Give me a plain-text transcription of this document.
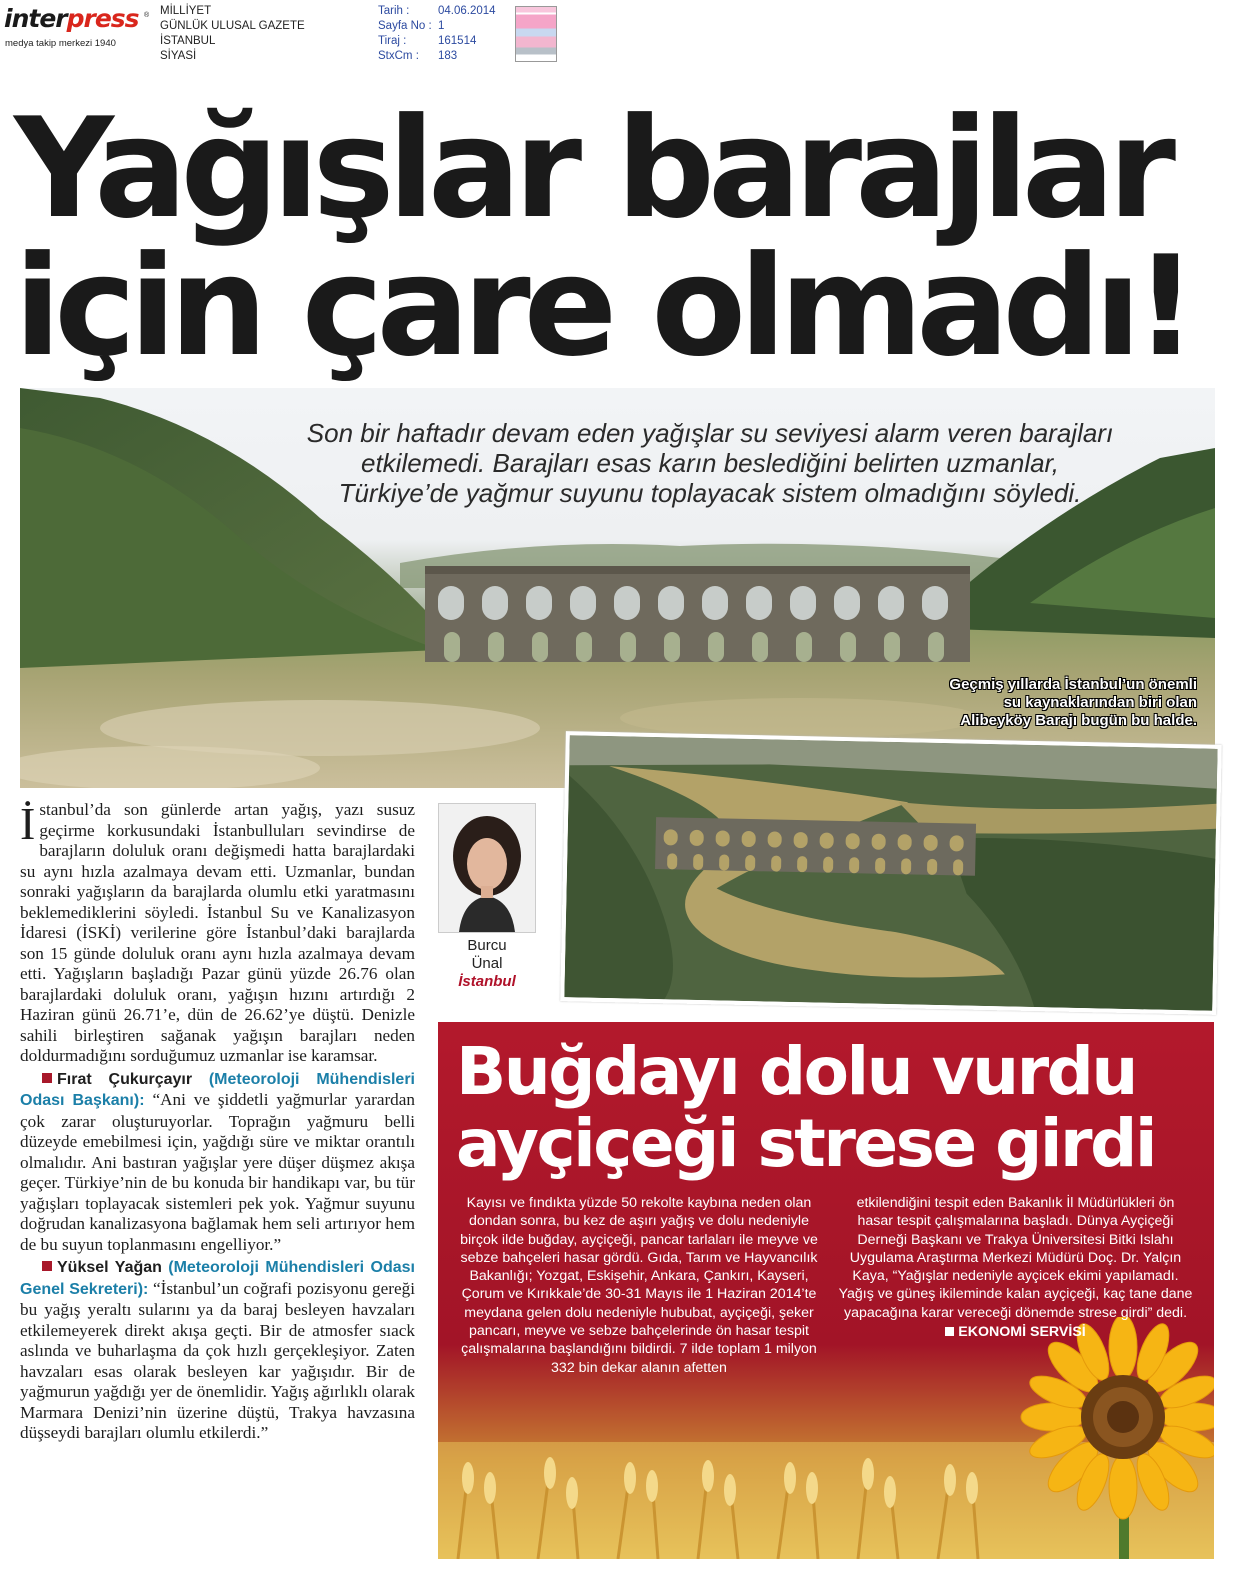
interpress ®
medya takip merkezi 1940
MİLLİYET
GÜNLÜK ULUSAL GAZETE
İSTANBUL
SİYASİ
Tarih : 04.06.2014
Sayfa No : 1
Tiraj :	161514
StxCm : 183
Yağışlar barajlar
için çare olmadı!
Son bir haftadır devam eden yağışlar su seviyesi alarm veren barajları
etkilemedi. Barajları esas karın beslediğini belirten uzmanlar,
Türkiye’de yağmur suyunu toplayacak sistem olmadığını söyledi.
Geçmiş yıllarda İstanbul’un önemli
su kaynaklarından biri olan
Alibeyköy Barajı bugün bu halde.
Burcu
Ünal
İstanbul

İstanbul’da son günlerde artan yağış, yazı susuz geçirme korkusundaki İstanbulluları sevindirse de barajların doluluk oranı değişmedi hatta barajlardaki su aynı hızla azalmaya devam etti. Uzmanlar, bundan sonraki yağışların da barajlarda olumlu etki yaratmasını beklemediklerini söyledi. İstanbul Su ve Kanalizasyon İdaresi (İSKİ) verilerine göre İstanbul’daki barajlarda son 15 günde doluluk oranı aynı hızla azalmaya devam etti. Yağışların başladığı Pazar günü yüzde 26.76 olan barajlardaki doluluk oranı, yağışın hızını artırdığı 2 Haziran günü 26.71’e, dün de 26.62’ye düştü. Denizle sahili birleştiren sağanak yağışın barajları neden doldurmadığını sorduğumuz uzmanlar ise karamsar.

Fırat Çukurçayır (Meteoroloji Mühendisleri Odası Başkanı): “Ani ve şiddetli yağmurlar yarardan çok zarar oluşturuyorlar. Toprağın yağmuru belli düzeyde emebilmesi için, yağdığı süre ve miktar orantılı olmalıdır. Ani bastıran yağışlar yere düşer düşmez akışa geçer. Türkiye’nin de bu konuda bir handikapı var, bu tür yağışları toplayacak sistemleri pek yok. Yağmur suyunu doğrudan kanalizasyona bağlamak hem seli artırıyor hem de bu suyun toplanmasını engelliyor.”

Yüksel Yağan (Meteoroloji Mühendisleri Odası Genel Sekreteri): “İstanbul’un coğrafi pozisyonu gereği bu yağış yeraltı sularını ya da baraj besleyen havzaları etkilemeyerek direkt akışa geçti. Bir de atmosfer sıack aslında ve buharlaşma da çok hızlı gerçekleşiyor. Zaten havzaları esas olarak besleyen kar yağışıdır. Bir de yağmurun yağdığı yer de önemlidir. Yağış ağırlıklı olarak Marmara Denizi’nin üzerine düştü, Trakya havzasına düşseydi barajları olumlu etkilerdi.”

Buğdayı dolu vurdu
ayçiçeği strese girdi

Kayısı ve fındıkta yüzde 50 rekolte kaybına neden olan dondan sonra, bu kez de aşırı yağış ve dolu nedeniyle birçok ilde buğday, ayçiçeği, pancar tarlaları ile meyve ve sebze bahçeleri hasar gördü. Gıda, Tarım ve Hayvancılık Bakanlığı; Yozgat, Eskişehir, Ankara, Çankırı, Kayseri, Çorum ve Kırıkkale’de 30-31 Mayıs ile 1 Haziran 2014’te meydana gelen dolu nedeniyle hububat, ayçiçeği, şeker pancarı, meyve ve sebze bahçelerinde ön hasar tespit çalışmalarına başlandığını bildirdi. 7 ilde toplam 1 milyon 332 bin dekar alanın afetten

etkilendiğini tespit eden Bakanlık İl Müdürlükleri ön hasar tespit çalışmalarına başladı. Dünya Ayçiçeği Derneği Başkanı ve Trakya Üniversitesi Bitki Islahı Uygulama Araştırma Merkezi Müdürü Doç. Dr. Yalçın Kaya, “Yağışlar nedeniyle ayçicek ekimi yapılamadı. Yağış ve güneş ikileminde kalan ayçiçeği, kaç tane dane yapacağına karar vereceği dönemde strese girdi” dedi.

EKONOMİ SERVİSİ
